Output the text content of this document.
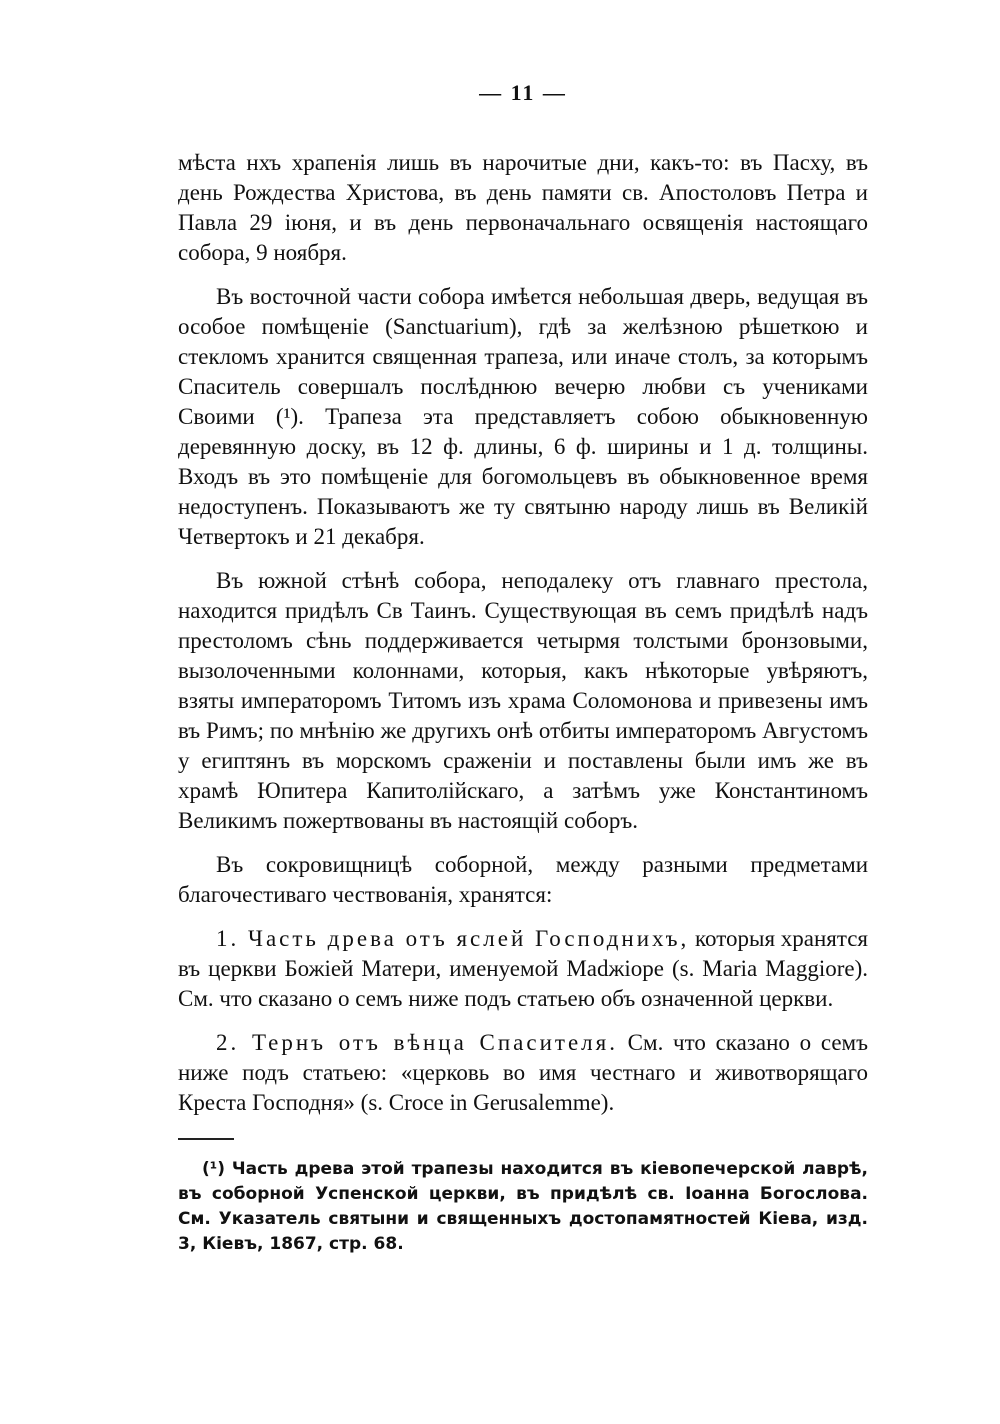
— 11 —

мѣста нхъ храпенія лишь въ нарочитые дни, какъ-то: въ Пасху, въ день Рождества Христова, въ день памяти св. Апостоловъ Петра и Павла 29 іюня, и въ день первоначальнаго освященія настоящаго собора, 9 ноября.

Въ восточной части собора имѣется небольшая дверь, ведущая въ особое помѣщеніе (Sanctuarium), гдѣ за желѣзною рѣшеткою и стекломъ хранится священная трапеза, или иначе столъ, за которымъ Спаситель совершалъ послѣднюю вечерю любви съ учениками Своими (¹). Трапеза эта представляетъ собою обыкновенную деревянную доску, въ 12 ф. длины, 6 ф. ширины и 1 д. толщины. Входъ въ это помѣщеніе для богомольцевъ въ обыкновенное время недоступенъ. Показываютъ же ту святыню народу лишь въ Великій Четвертокъ и 21 декабря.

Въ южной стѣнѣ собора, неподалеку отъ главнаго престола, находится придѣлъ Св Таинъ. Существующая въ семъ придѣлѣ надъ престоломъ сѣнь поддерживается четырмя толстыми бронзовыми, вызолоченными колоннами, которыя, какъ нѣкоторые увѣряютъ, взяты императоромъ Титомъ изъ храма Соломонова и привезены имъ въ Римъ; по мнѣнію же другихъ онѣ отбиты императоромъ Августомъ у египтянъ въ морскомъ сраженіи и поставлены были имъ же въ храмѣ Юпитера Капитолійскаго, а затѣмъ уже Константиномъ Великимъ пожертвованы въ настоящій соборъ.

Въ сокровищницѣ соборной, между разными предметами благочестиваго чествованія, хранятся:

1. Часть древа отъ яслей Господнихъ, которыя хранятся въ церкви Божіей Матери, именуемой Madжіоре (s. Maria Maggiore). См. что сказано о семъ ниже подъ статьею объ означенной церкви.

2. Тернъ отъ вѣнца Спасителя. См. что сказано о семъ ниже подъ статьею: «церковь во имя честнаго и животворящаго Креста Господня» (s. Croce in Gerusalemme).

(¹) Часть древа этой трапезы находится въ кіевопечерской лаврѣ, въ соборной Успенской церкви, въ придѣлѣ св. Іоанна Богослова. См. Указатель святыни и священныхъ достопамятностей Кіева, изд. 3, Кіевъ, 1867, стр. 68.
